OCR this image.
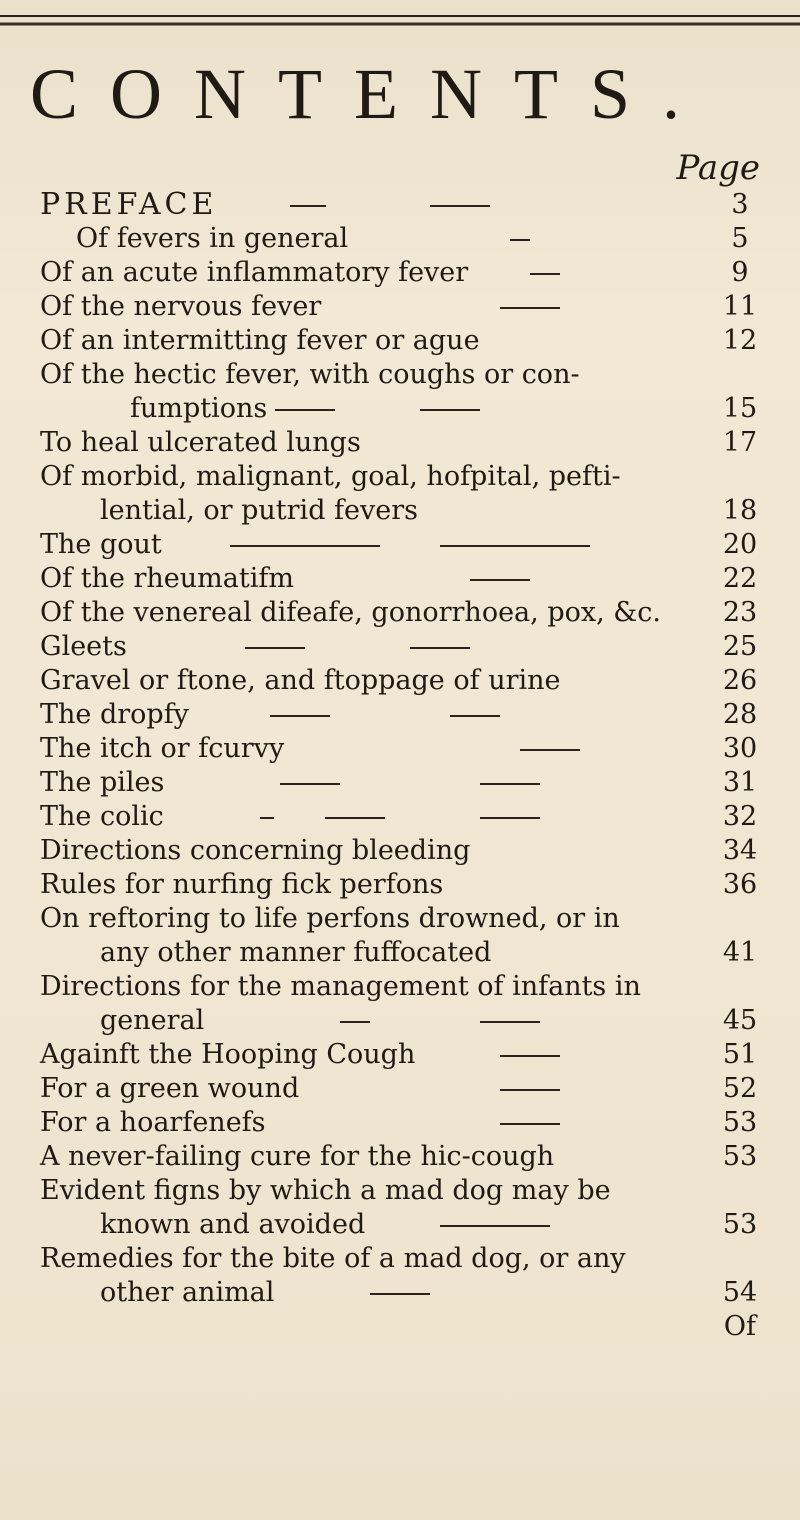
CONTENTS.
Page
PREFACE	3
Of fevers in general	5
Of an acute inflammatory fever	9
Of the nervous fever	11
Of an intermitting fever or ague	12
Of the hectic fever, with coughs or con-
fumptions	15
To heal ulcerated lungs	17
Of morbid, malignant, goal, hofpital, pefti-
lential, or putrid fevers	18
The gout	20
Of the rheumatifm	22
Of the venereal difeafe, gonorrhoea, pox, &c.	23
Gleets	25
Gravel or ftone, and ftoppage of urine	26
The dropfy	28
The itch or fcurvy	30
The piles	31
The colic	32
Directions concerning bleeding	34
Rules for nurfing fick perfons	36
On reftoring to life perfons drowned, or in
any other manner fuffocated	41
Directions for the management of infants in
general	45
Againft the Hooping Cough	51
For a green wound	52
For a hoarfenefs	53
A never-failing cure for the hic-cough	53
Evident figns by which a mad dog may be
known and avoided	53
Remedies for the bite of a mad dog, or any
other animal	54
Of
